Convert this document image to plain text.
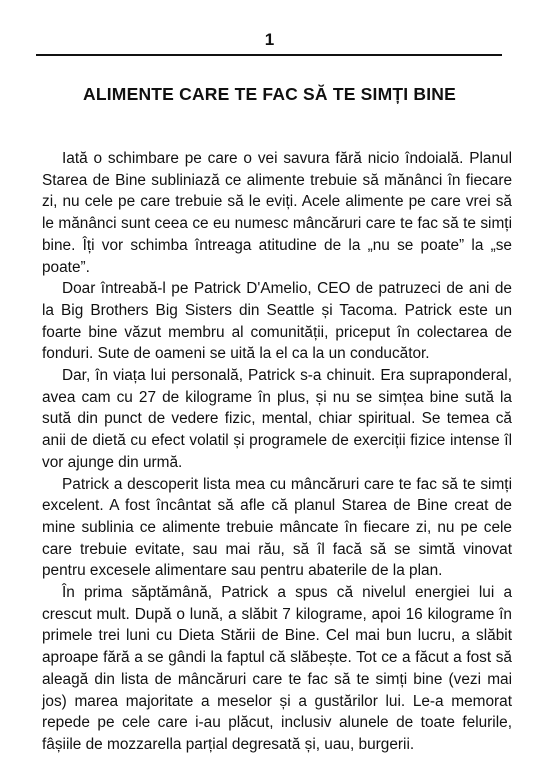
1
ALIMENTE CARE TE FAC SĂ TE SIMȚI BINE

Iată o schimbare pe care o vei savura fără nicio îndoială. Planul Starea de Bine subliniază ce alimente trebuie să mănânci în fiecare zi, nu cele pe care trebuie să le eviți. Acele alimente pe care vrei să le mănânci sunt ceea ce eu numesc mâncăruri care te fac să te simți bine. Îți vor schimba întreaga atitudine de la „nu se poate” la „se poate”.

Doar întreabă-l pe Patrick D'Amelio, CEO de patruzeci de ani de la Big Brothers Big Sisters din Seattle și Tacoma. Patrick este un foarte bine văzut membru al comunității, priceput în colectarea de fonduri. Sute de oameni se uită la el ca la un conducător.

Dar, în viața lui personală, Patrick s-a chinuit. Era supraponderal, avea cam cu 27 de kilograme în plus, și nu se simțea bine sută la sută din punct de vedere fizic, mental, chiar spiritual. Se temea că anii de dietă cu efect volatil și programele de exerciții fizice intense îl vor ajunge din urmă.

Patrick a descoperit lista mea cu mâncăruri care te fac să te simți excelent. A fost încântat să afle că planul Starea de Bine creat de mine sublinia ce alimente trebuie mâncate în fiecare zi, nu pe cele care trebuie evitate, sau mai rău, să îl facă să se simtă vinovat pentru excesele alimentare sau pentru abaterile de la plan.

În prima săptămână, Patrick a spus că nivelul energiei lui a crescut mult. După o lună, a slăbit 7 kilograme, apoi 16 kilograme în primele trei luni cu Dieta Stării de Bine. Cel mai bun lucru, a slăbit aproape fără a se gândi la faptul că slăbește. Tot ce a făcut a fost să aleagă din lista de mâncăruri care te fac să te simți bine (vezi mai jos) marea majoritate a meselor și a gustărilor lui. Le-a memorat repede pe cele care i-au plăcut, inclusiv alunele de toate felurile, fâșiile de mozzarella parțial degresată și, uau, burgerii.
